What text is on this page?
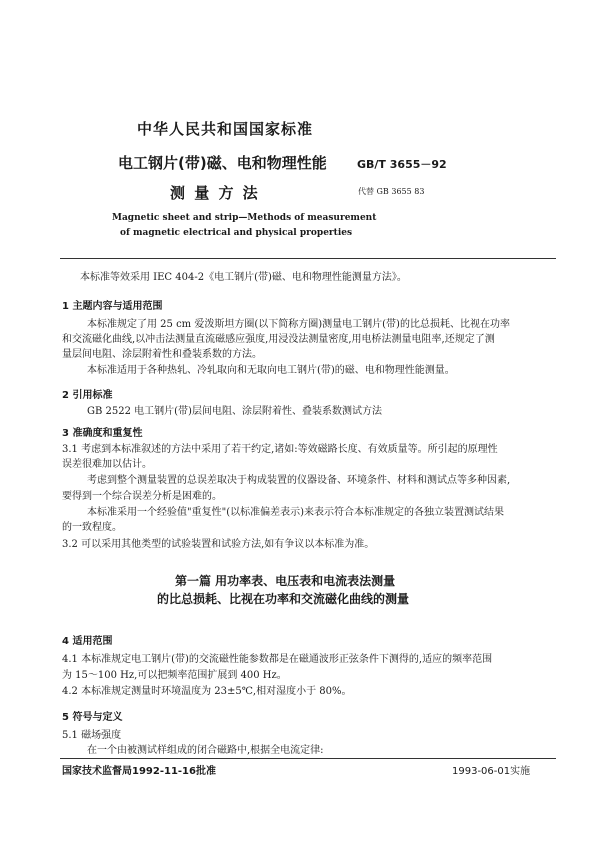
中华人民共和国国家标准
电工钢片(带)磁、电和物理性能
测 量 方 法
GB/T 3655－92
代替 GB 3655 83
Magnetic sheet and strip—Methods of measurement
of magnetic electrical and physical properties
本标准等效采用 IEC 404-2《电工钢片(带)磁、电和物理性能测量方法》。
1 主题内容与适用范围
本标准规定了用 25 cm 爱泼斯坦方圈(以下简称方圈)测量电工钢片(带)的比总损耗、比视在功率
和交流磁化曲线,以冲击法测量直流磁感应强度,用浸没法测量密度,用电桥法测量电阻率,还规定了测
量层间电阻、涂层附着性和叠装系数的方法。
本标准适用于各种热轧、冷轧取向和无取向电工钢片(带)的磁、电和物理性能测量。
2 引用标准
GB 2522 电工钢片(带)层间电阻、涂层附着性、叠装系数测试方法
3 准确度和重复性
3.1 考虑到本标准叙述的方法中采用了若干约定,诸如:等效磁路长度、有效质量等。所引起的原理性
误差很难加以估计。
考虑到整个测量装置的总误差取决于构成装置的仪器设备、环境条件、材料和测试点等多种因素,
要得到一个综合误差分析是困难的。
本标准采用一个经验值"重复性"(以标准偏差表示)来表示符合本标准规定的各独立装置测试结果
的一致程度。
3.2 可以采用其他类型的试验装置和试验方法,如有争议以本标准为准。
第一篇 用功率表、电压表和电流表法测量
的比总损耗、比视在功率和交流磁化曲线的测量
4 适用范围
4.1 本标准规定电工钢片(带)的交流磁性能参数都是在磁通波形正弦条件下测得的,适应的频率范围
为 15～100 Hz,可以把频率范围扩展到 400 Hz。
4.2 本标准规定测量时环境温度为 23±5℃,相对湿度小于 80%。
5 符号与定义
5.1 磁场强度
在一个由被测试样组成的闭合磁路中,根据全电流定律:
国家技术监督局1992-11-16批准	1993-06-01实施
